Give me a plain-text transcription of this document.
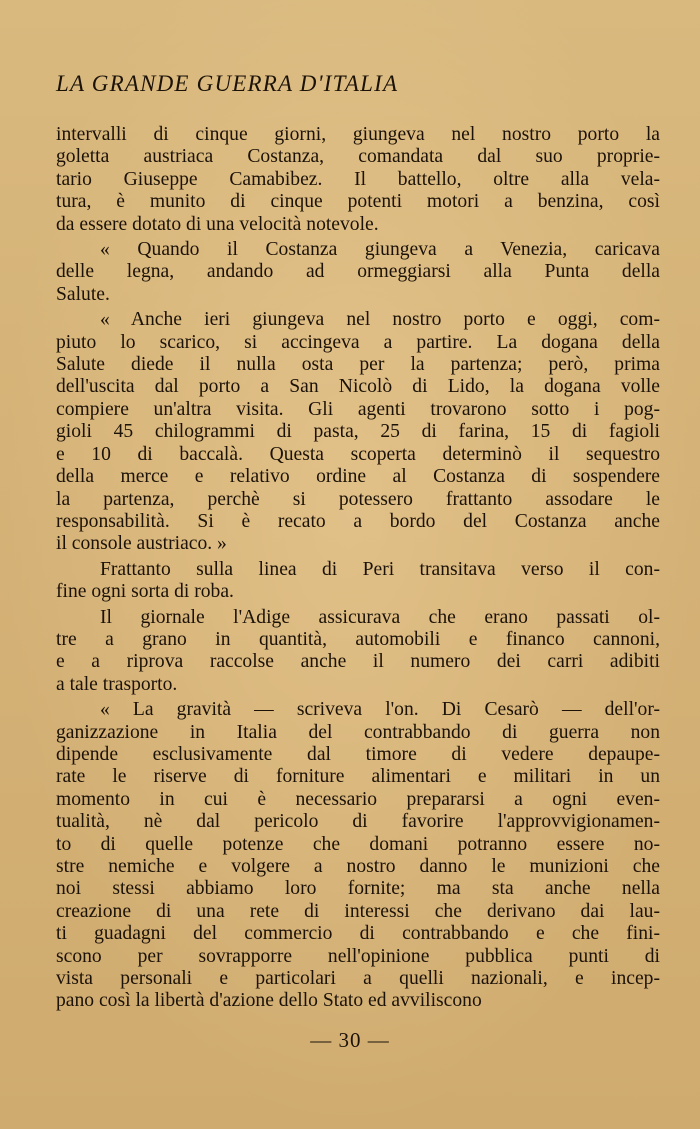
LA GRANDE GUERRA D'ITALIA

intervalli di cinque giorni, giungeva nel nostro porto la
goletta austriaca Costanza, comandata dal suo proprie-
tario Giuseppe Camabibez. Il battello, oltre alla vela-
tura, è munito di cinque potenti motori a benzina, così
da essere dotato di una velocità notevole.

« Quando il Costanza giungeva a Venezia, caricava
delle legna, andando ad ormeggiarsi alla Punta della
Salute.

« Anche ieri giungeva nel nostro porto e oggi, com-
piuto lo scarico, si accingeva a partire. La dogana della
Salute diede il nulla osta per la partenza; però, prima
dell'uscita dal porto a San Nicolò di Lido, la dogana volle
compiere un'altra visita. Gli agenti trovarono sotto i pog-
gioli 45 chilogrammi di pasta, 25 di farina, 15 di fagioli
e 10 di baccalà. Questa scoperta determinò il sequestro
della merce e relativo ordine al Costanza di sospendere
la partenza, perchè si potessero frattanto assodare le
responsabilità. Si è recato a bordo del Costanza anche
il console austriaco. »

Frattanto sulla linea di Peri transitava verso il con-
fine ogni sorta di roba.

Il giornale l'Adige assicurava che erano passati ol-
tre a grano in quantità, automobili e financo cannoni,
e a riprova raccolse anche il numero dei carri adibiti
a tale trasporto.

« La gravità — scriveva l'on. Di Cesarò — dell'or-
ganizzazione in Italia del contrabbando di guerra non
dipende esclusivamente dal timore di vedere depaupe-
rate le riserve di forniture alimentari e militari in un
momento in cui è necessario prepararsi a ogni even-
tualità, nè dal pericolo di favorire l'approvvigionamen-
to di quelle potenze che domani potranno essere no-
stre nemiche e volgere a nostro danno le munizioni che
noi stessi abbiamo loro fornite; ma sta anche nella
creazione di una rete di interessi che derivano dai lau-
ti guadagni del commercio di contrabbando e che fini-
scono per sovrapporre nell'opinione pubblica punti di
vista personali e particolari a quelli nazionali, e incep-
pano così la libertà d'azione dello Stato ed avviliscono

— 30 —
